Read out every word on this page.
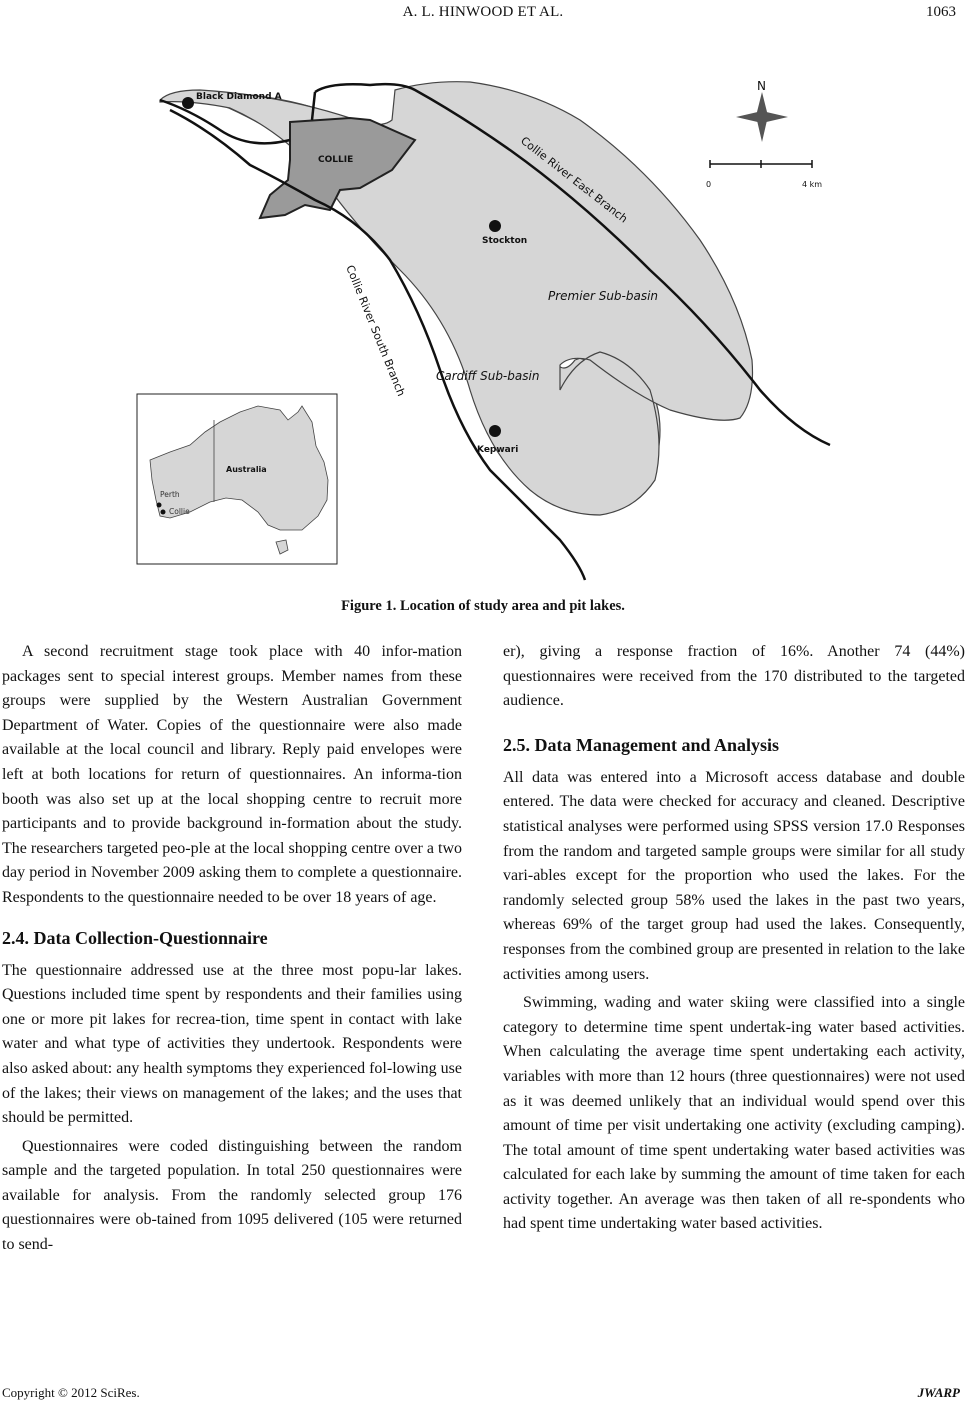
A. L. HINWOOD ET AL.	1063
Black Diamond A
COLLIE
Stockton
Kepwari
Collie River East Branch
Collie River South Branch	Premier Sub-basin
Cardiff Sub-basin
N
0	4 km
Australia
Perth
Collie
Figure 1. Location of study area and pit lakes.

A second recruitment stage took place with 40 infor-mation packages sent to special interest groups. Member names from these groups were supplied by the Western Australian Government Department of Water. Copies of the questionnaire were also made available at the local council and library. Reply paid envelopes were left at both locations for return of questionnaires. An informa-tion booth was also set up at the local shopping centre to recruit more participants and to provide background in-formation about the study. The researchers targeted peo-ple at the local shopping centre over a two day period in November 2009 asking them to complete a questionnaire. Respondents to the questionnaire needed to be over 18 years of age.

2.4. Data Collection-Questionnaire

The questionnaire addressed use at the three most popu-lar lakes. Questions included time spent by respondents and their families using one or more pit lakes for recrea-tion, time spent in contact with lake water and what type of activities they undertook. Respondents were also asked about: any health symptoms they experienced fol-lowing use of the lakes; their views on management of the lakes; and the uses that should be permitted.

Questionnaires were coded distinguishing between the random sample and the targeted population. In total 250 questionnaires were available for analysis. From the randomly selected group 176 questionnaires were ob-tained from 1095 delivered (105 were returned to send-

er), giving a response fraction of 16%. Another 74 (44%) questionnaires were received from the 170 distributed to the targeted audience.

2.5. Data Management and Analysis

All data was entered into a Microsoft access database and double entered. The data were checked for accuracy and cleaned. Descriptive statistical analyses were performed using SPSS version 17.0 Responses from the random and targeted sample groups were similar for all study vari-ables except for the proportion who used the lakes. For the randomly selected group 58% used the lakes in the past two years, whereas 69% of the target group had used the lakes. Consequently, responses from the combined group are presented in relation to the lake activities among users.

Swimming, wading and water skiing were classified into a single category to determine time spent undertak-ing water based activities. When calculating the average time spent undertaking each activity, variables with more than 12 hours (three questionnaires) were not used as it was deemed unlikely that an individual would spend over this amount of time per visit undertaking one activity (excluding camping). The total amount of time spent undertaking water based activities was calculated for each lake by summing the amount of time taken for each activity together. An average was then taken of all re-spondents who had spent time undertaking water based activities.

Copyright © 2012 SciRes.	JWARP
